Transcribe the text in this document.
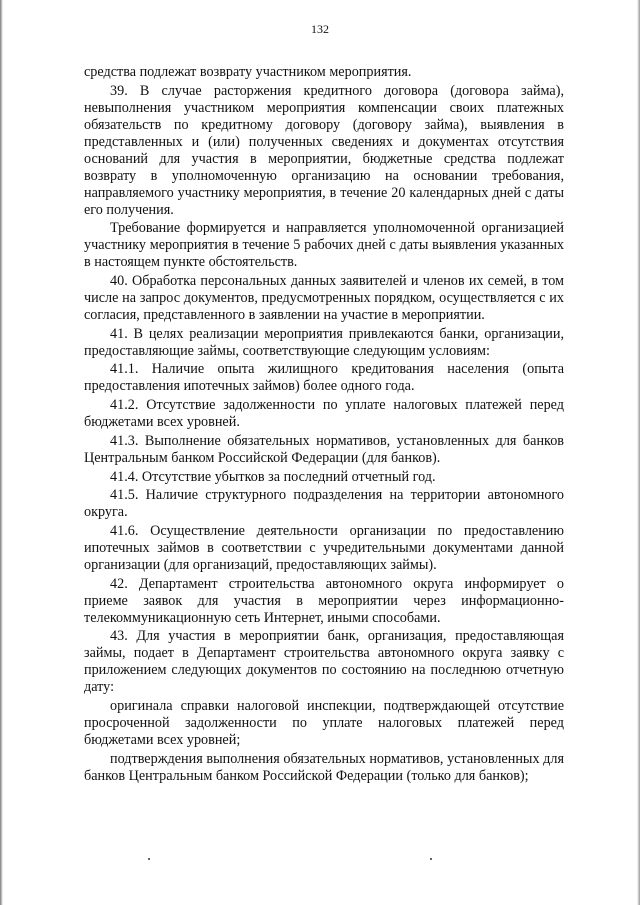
132

средства подлежат возврату участником мероприятия.

39. В случае расторжения кредитного договора (договора займа), невыполнения участником мероприятия компенсации своих платежных обязательств по кредитному договору (договору займа), выявления в представленных и (или) полученных сведениях и документах отсутствия оснований для участия в мероприятии, бюджетные средства подлежат возврату в уполномоченную организацию на основании требования, направляемого участнику мероприятия, в течение 20 календарных дней с даты его получения.

Требование формируется и направляется уполномоченной организацией участнику мероприятия в течение 5 рабочих дней с даты выявления указанных в настоящем пункте обстоятельств.

40. Обработка персональных данных заявителей и членов их семей, в том числе на запрос документов, предусмотренных порядком, осуществляется с их согласия, представленного в заявлении на участие в мероприятии.

41. В целях реализации мероприятия привлекаются банки, организации, предоставляющие займы, соответствующие следующим условиям:

41.1. Наличие опыта жилищного кредитования населения (опыта предоставления ипотечных займов) более одного года.

41.2. Отсутствие задолженности по уплате налоговых платежей перед бюджетами всех уровней.

41.3. Выполнение обязательных нормативов, установленных для банков Центральным банком Российской Федерации (для банков).

41.4. Отсутствие убытков за последний отчетный год.

41.5. Наличие структурного подразделения на территории автономного округа.

41.6. Осуществление деятельности организации по предоставлению ипотечных займов в соответствии с учредительными документами данной организации (для организаций, предоставляющих займы).

42. Департамент строительства автономного округа информирует о приеме заявок для участия в мероприятии через информационно-телекоммуникационную сеть Интернет, иными способами.

43. Для участия в мероприятии банк, организация, предоставляющая займы, подает в Департамент строительства автономного округа заявку с приложением следующих документов по состоянию на последнюю отчетную дату:

оригинала справки налоговой инспекции, подтверждающей отсутствие просроченной задолженности по уплате налоговых платежей перед бюджетами всех уровней;

подтверждения выполнения обязательных нормативов, установленных для банков Центральным банком Российской Федерации (только для банков);
